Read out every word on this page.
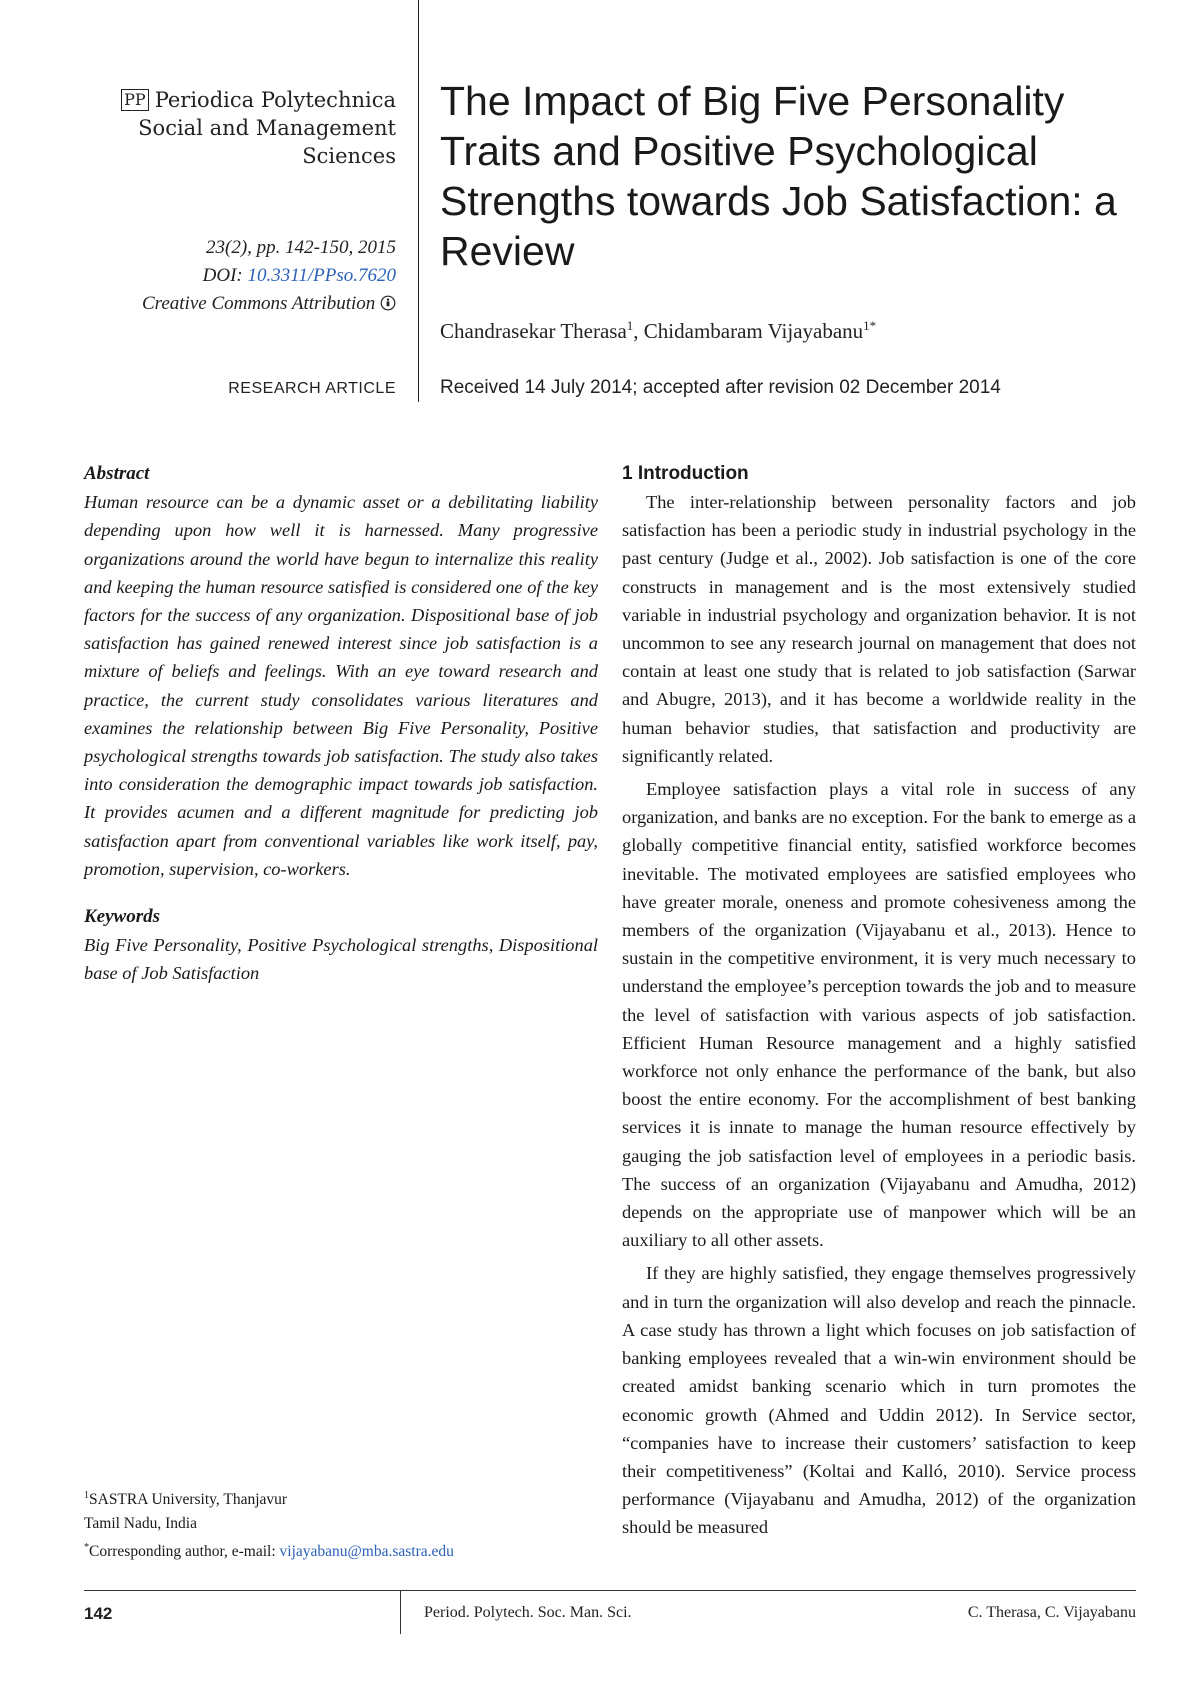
PP Periodica Polytechnica
Social and Management
Sciences
23(2), pp. 142-150, 2015
DOI: 10.3311/PPso.7620
Creative Commons Attribution
RESEARCH ARTICLE
The Impact of Big Five Personality Traits and Positive Psychological Strengths towards Job Satisfaction: a Review
Chandrasekar Therasa$^1$, Chidambaram Vijayabanu$^{1*}$
Received 14 July 2014; accepted after revision 02 December 2014
Abstract

Human resource can be a dynamic asset or a debilitating liability depending upon how well it is harnessed. Many progressive organizations around the world have begun to internalize this reality and keeping the human resource satisfied is considered one of the key factors for the success of any organization. Dispositional base of job satisfaction has gained renewed interest since job satisfaction is a mixture of beliefs and feelings. With an eye toward research and practice, the current study consolidates various literatures and examines the relationship between Big Five Personality, Positive psychological strengths towards job satisfaction. The study also takes into consideration the demographic impact towards job satisfaction. It provides acumen and a different magnitude for predicting job satisfaction apart from conventional variables like work itself, pay, promotion, supervision, co-workers.

Keywords

Big Five Personality, Positive Psychological strengths, Dispositional base of Job Satisfaction

$^1$SASTRA University, Thanjavur
Tamil Nadu, India
*Corresponding author, e-mail: vijayabanu@mba.sastra.edu
1 Introduction

The inter-relationship between personality factors and job satisfaction has been a periodic study in industrial psychology in the past century (Judge et al., 2002). Job satisfaction is one of the core constructs in management and is the most extensively studied variable in industrial psychology and organization behavior. It is not uncommon to see any research journal on management that does not contain at least one study that is related to job satisfaction (Sarwar and Abugre, 2013), and it has become a worldwide reality in the human behavior studies, that satisfaction and productivity are significantly related.

Employee satisfaction plays a vital role in success of any organization, and banks are no exception. For the bank to emerge as a globally competitive financial entity, satisfied workforce becomes inevitable. The motivated employees are satisfied employees who have greater morale, oneness and promote cohesiveness among the members of the organization (Vijayabanu et al., 2013). Hence to sustain in the competitive environment, it is very much necessary to understand the employee’s perception towards the job and to measure the level of satisfaction with various aspects of job satisfaction. Efficient Human Resource management and a highly satisfied workforce not only enhance the performance of the bank, but also boost the entire economy. For the accomplishment of best banking services it is innate to manage the human resource effectively by gauging the job satisfaction level of employees in a periodic basis. The success of an organization (Vijayabanu and Amudha, 2012) depends on the appropriate use of manpower which will be an auxiliary to all other assets.

If they are highly satisfied, they engage themselves progressively and in turn the organization will also develop and reach the pinnacle. A case study has thrown a light which focuses on job satisfaction of banking employees revealed that a win-win environment should be created amidst banking scenario which in turn promotes the economic growth (Ahmed and Uddin 2012). In Service sector, “companies have to increase their customers’ satisfaction to keep their competitiveness” (Koltai and Kalló, 2010). Service process performance (Vijayabanu and Amudha, 2012) of the organization should be measured

142	Period. Polytech. Soc. Man. Sci.	C. Therasa, C. Vijayabanu
